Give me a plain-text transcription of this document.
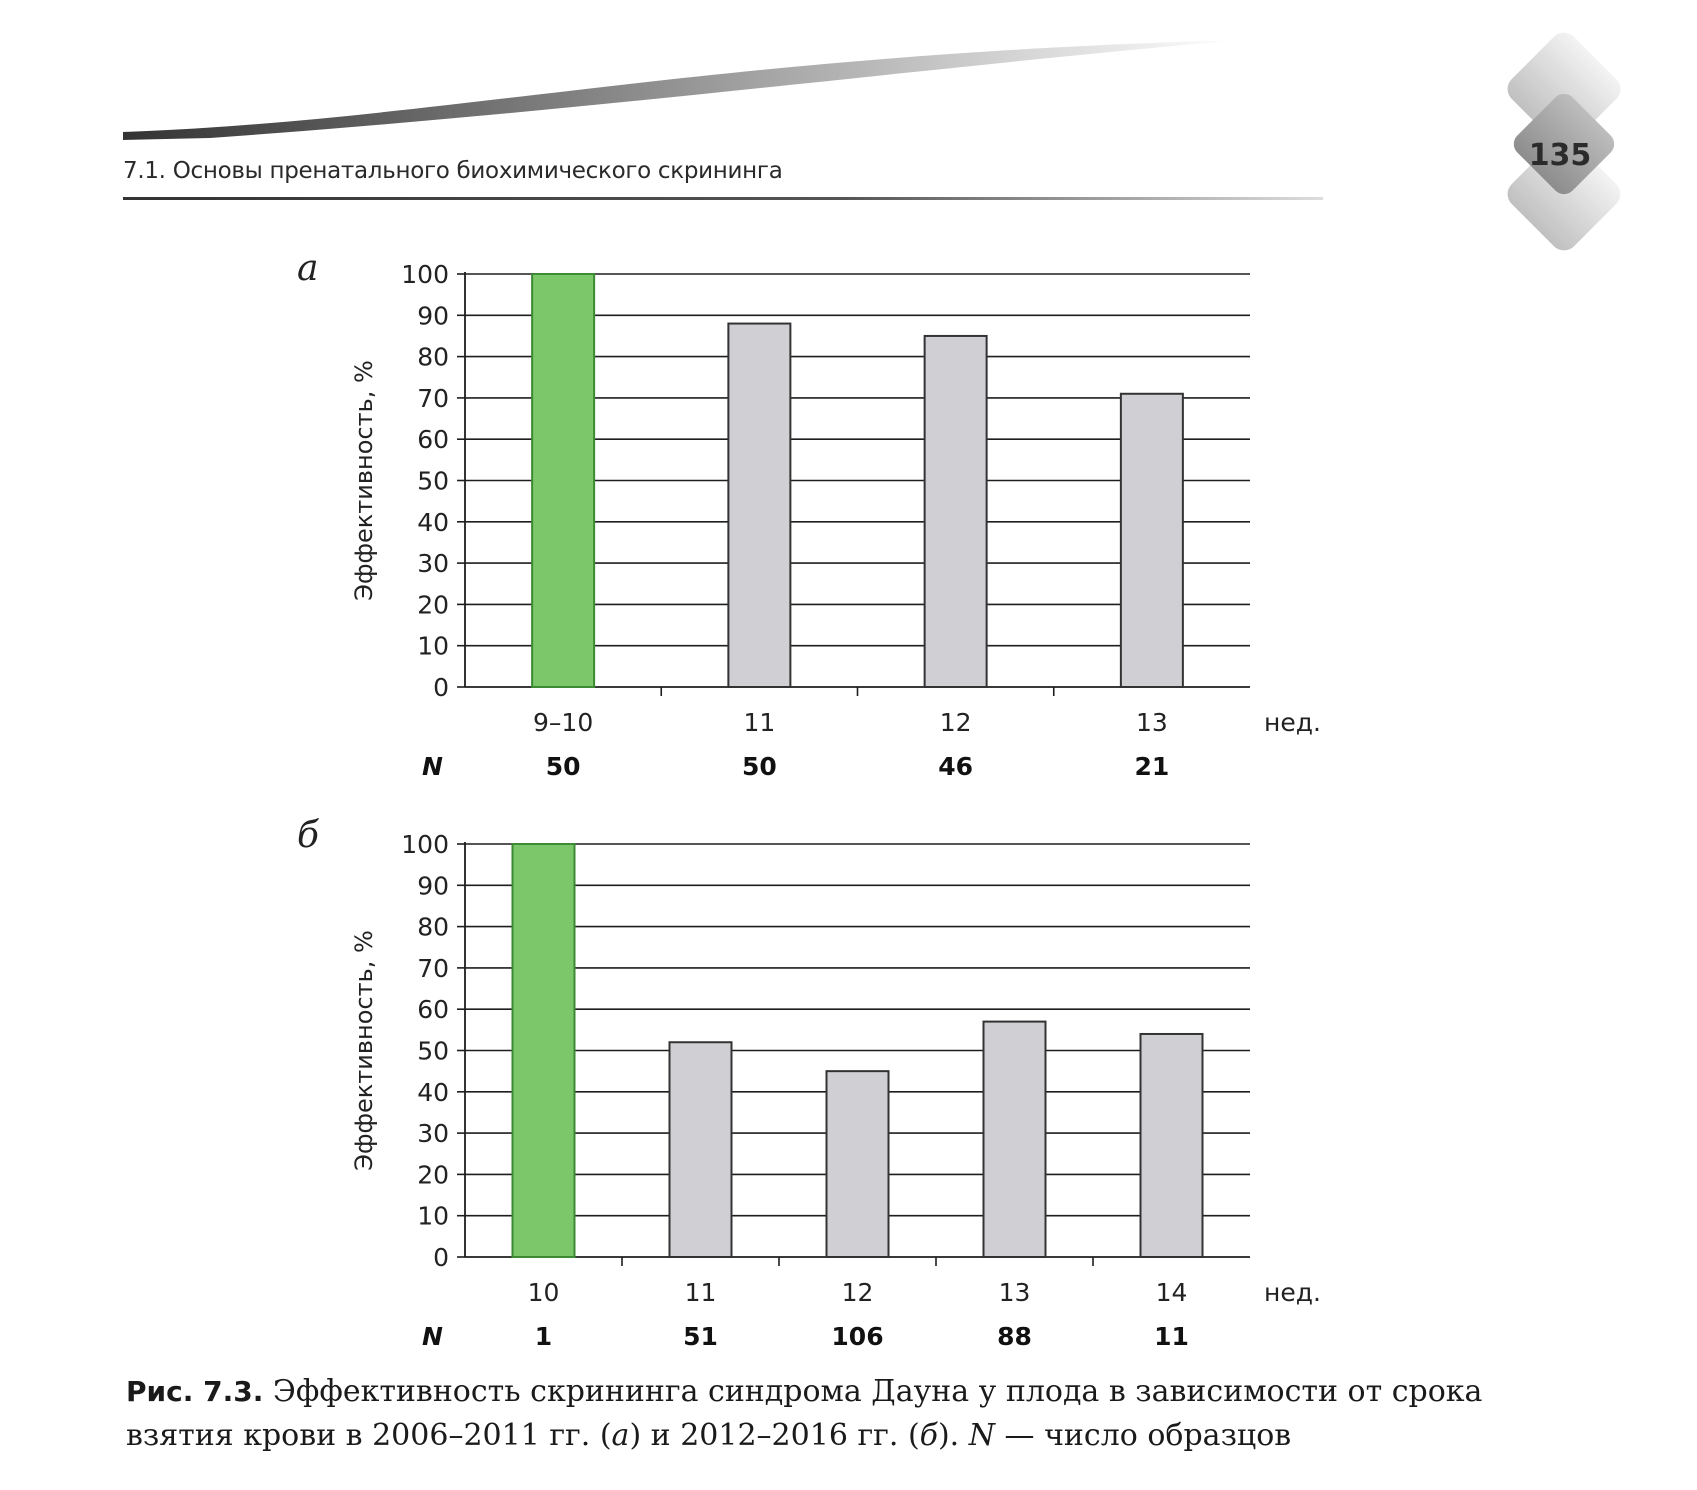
7.1. Основы пренатального биохимического скрининга	135
а
б
0
10
20
30
40
50
60
70
80
90
100
9–10
50
11
50
12
46
13
21
нед.
N
Эффективность, %
0
10
20
30
40
50
60
70
80
90
100
10
1
11
51
12
106
13
88
14
11
нед.
N
Эффективность, %
Рис. 7.3. Эффективность скрининга синдрома Дауна у плода в зависимости от срока взятия крови в 2006–2011 гг. (а) и 2012–2016 гг. (б). N — число образцов
